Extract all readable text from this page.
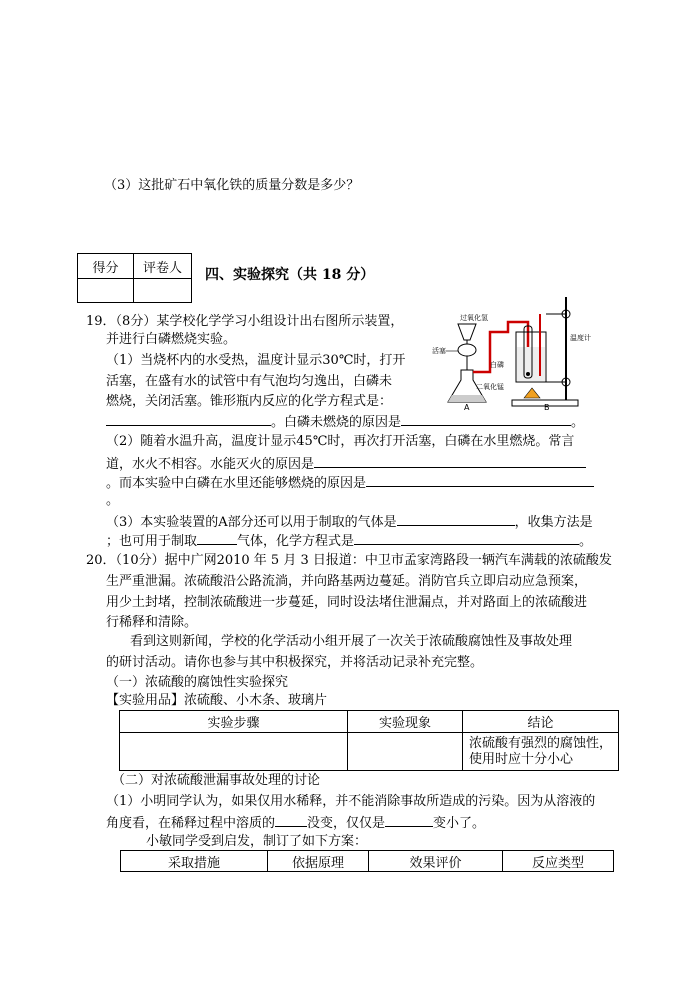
（3）这批矿石中氧化铁的质量分数是多少？
得分	评卷人
	四、实验探究（共 18 分）
过氧化氢
活塞
温度计
白磷
二氧化锰
A	B
19．（8分）某学校化学学习小组设计出右图所示装置，
并进行白磷燃烧实验。
（1）当烧杯内的水受热，温度计显示30℃时，打开
活塞，在盛有水的试管中有气泡均匀逸出，白磷未
燃烧，关闭活塞。锥形瓶内反应的化学方程式是：
。白磷未燃烧的原因是	。
（2）随着水温升高，温度计显示45℃时，再次打开活塞，白磷在水里燃烧。常言
道，水火不相容。水能灭火的原因是
。而本实验中白磷在水里还能够燃烧的原因是
。
（3）本实验装置的A部分还可以用于制取的气体是	，收集方法是
；也可用于制取	气体，化学方程式是	。
20．（10分）据中广网2010 年 5 月 3 日报道：中卫市孟家湾路段一辆汽车满载的浓硫酸发
生严重泄漏。浓硫酸沿公路流淌，并向路基两边蔓延。消防官兵立即启动应急预案，
用少土封堵，控制浓硫酸进一步蔓延，同时设法堵住泄漏点，并对路面上的浓硫酸进
行稀释和清除。
看到这则新闻，学校的化学活动小组开展了一次关于浓硫酸腐蚀性及事故处理
的研讨活动。请你也参与其中积极探究，并将活动记录补充完整。
（一）浓硫酸的腐蚀性实验探究
【实验用品】浓硫酸、小木条、玻璃片
实验步骤	实验现象	结论

		浓硫酸有强烈的腐蚀性，
使用时应十分小心
（二）对浓硫酸泄漏事故处理的讨论
（1）小明同学认为，如果仅用水稀释，并不能消除事故所造成的污染。因为从溶液的
角度看，在稀释过程中溶质的 没变，仅仅是	变小了。
小敏同学受到启发，制订了如下方案：
采取措施	依据原理	效果评价	反应类型
